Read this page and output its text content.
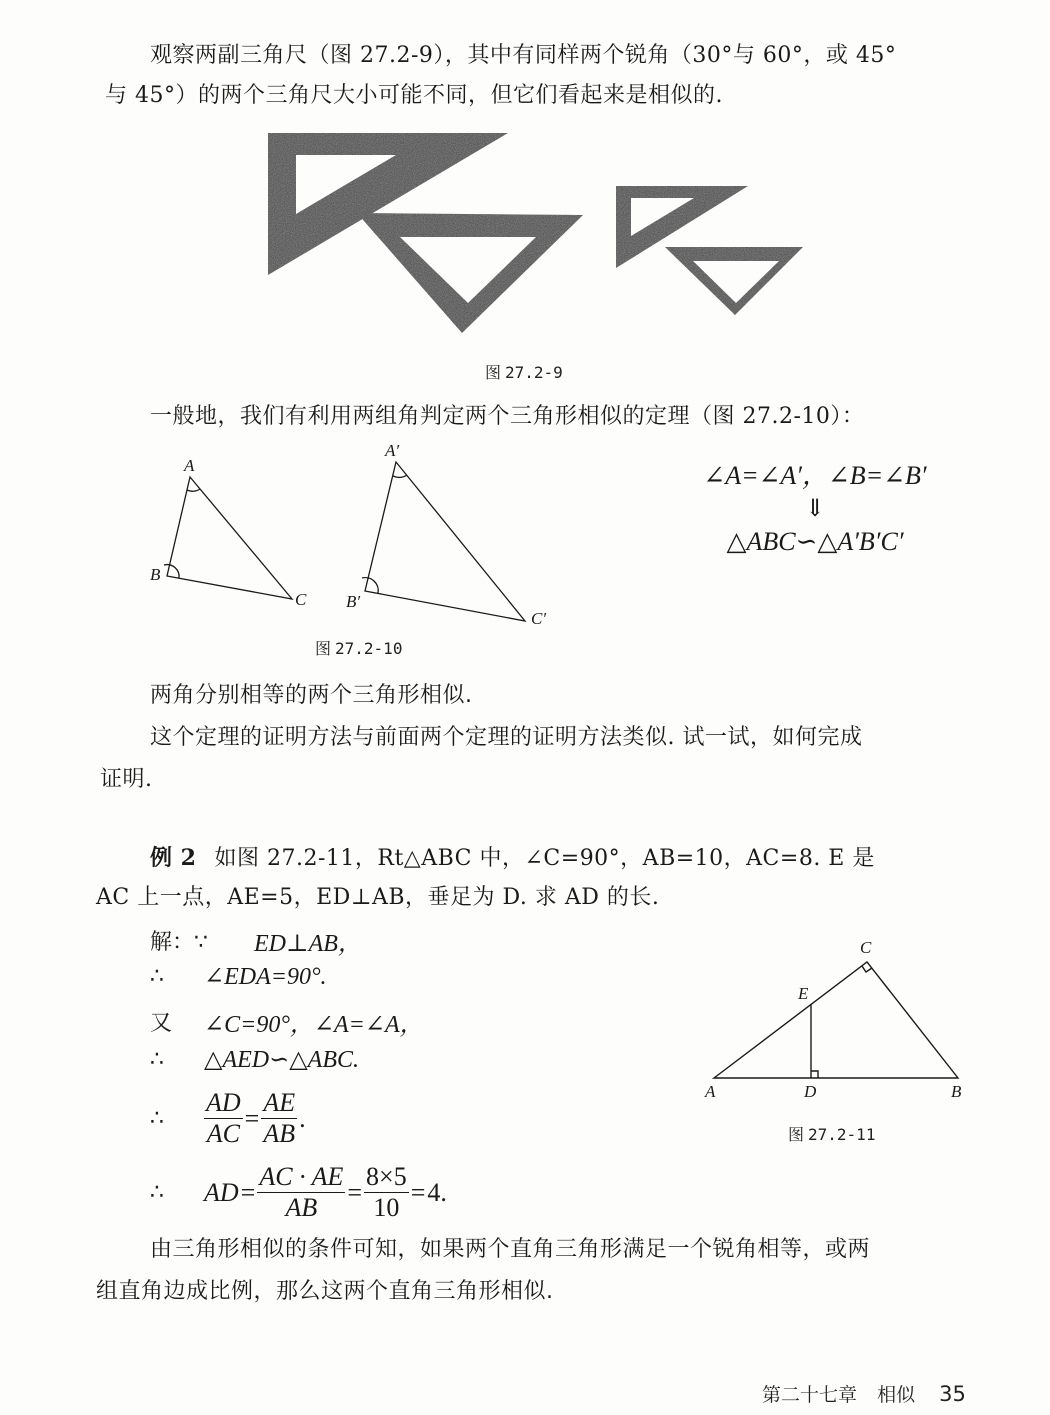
观察两副三角尺（图 27.2-9），其中有同样两个锐角（30°与 60°，或 45°
与 45°）的两个三角尺大小可能不同，但它们看起来是相似的.
图 27.2-9
一般地，我们有利用两组角判定两个三角形相似的定理（图 27.2-10）：
A
B
C
A′
B′
C′
图 27.2-10
∠A=∠A′，∠B=∠B′
⇓
△ABC∽△A′B′C′
两角分别相等的两个三角形相似.
这个定理的证明方法与前面两个定理的证明方法类似. 试一试，如何完成
证明.
例 2 如图 27.2-11，Rt△ABC 中，∠C=90°，AB=10，AC=8. E 是
AC 上一点，AE=5，ED⊥AB，垂足为 D. 求 AD 的长.
解：∵	ED⊥AB，
∴	∠EDA=90°.
又	∠C=90°，∠A=∠A，
∴	△AED∽△ABC.
∴	$\frac{AD}{AC} = \frac{AE}{AB}$ .
∴	AD = $\frac{AC \cdot AE}{AB} = \frac{8\times 5}{10} = 4$.
C
E
A	D	B
图 27.2-11
由三角形相似的条件可知，如果两个直角三角形满足一个锐角相等，或两
组直角边成比例，那么这两个直角三角形相似.
第二十七章 相似 35
